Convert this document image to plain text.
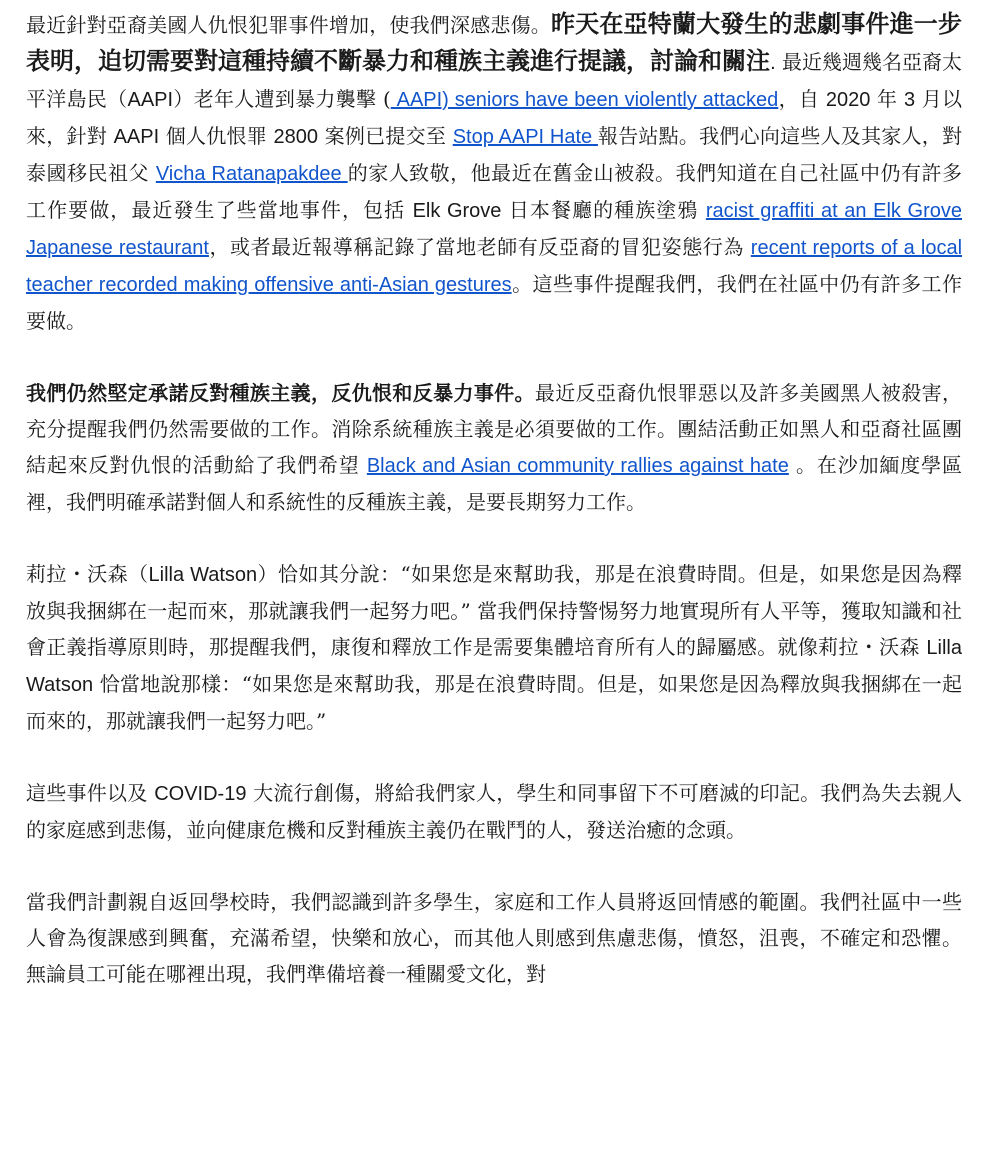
最近針對亞裔美國人仇恨犯罪事件增加，使我們深感悲傷。昨天在亞特蘭大發生的悲劇事件進一步表明，迫切需要對這種持續不斷暴力和種族主義進行提議，討論和關注. 最近幾週幾名亞裔太平洋島民（AAPI）老年人遭到暴力襲擊 ( AAPI) seniors have been violently attacked，自 2020 年 3 月以來，針對 AAPI 個人仇恨罪 2800 案例已提交至 Stop AAPI Hate 報告站點。我們心向這些人及其家人，對泰國移民祖父 Vicha Ratanapakdee 的家人致敬，他最近在舊金山被殺。我們知道在自己社區中仍有許多工作要做，最近發生了些當地事件，包括 Elk Grove 日本餐廳的種族塗鴉 racist graffiti at an Elk Grove Japanese restaurant，或者最近報導稱記錄了當地老師有反亞裔的冒犯姿態行為 recent reports of a local teacher recorded making offensive anti-Asian gestures。這些事件提醒我們，我們在社區中仍有許多工作要做。

我們仍然堅定承諾反對種族主義，反仇恨和反暴力事件。最近反亞裔仇恨罪惡以及許多美國黑人被殺害，充分提醒我們仍然需要做的工作。消除系統種族主義是必須要做的工作。團結活動正如黑人和亞裔社區團結起來反對仇恨的活動給了我們希望 Black and Asian community rallies against hate 。在沙加緬度學區裡，我們明確承諾對個人和系統性的反種族主義，是要長期努力工作。

莉拉・沃森（Lilla Watson）恰如其分說：“如果您是來幫助我，那是在浪費時間。但是，如果您是因為釋放與我捆綁在一起而來，那就讓我們一起努力吧。” 當我們保持警惕努力地實現所有人平等，獲取知識和社會正義指導原則時，那提醒我們，康復和釋放工作是需要集體培育所有人的歸屬感。就像莉拉・沃森 Lilla Watson 恰當地說那樣：“如果您是來幫助我，那是在浪費時間。但是，如果您是因為釋放與我捆綁在一起而來的，那就讓我們一起努力吧。”

這些事件以及 COVID-19 大流行創傷，將給我們家人，學生和同事留下不可磨滅的印記。我們為失去親人的家庭感到悲傷，並向健康危機和反對種族主義仍在戰鬥的人，發送治癒的念頭。

當我們計劃親自返回學校時，我們認識到許多學生，家庭和工作人員將返回情感的範圍。我們社區中一些人會為復課感到興奮，充滿希望，快樂和放心，而其他人則感到焦慮悲傷，憤怒，沮喪，不確定和恐懼。無論員工可能在哪裡出現，我們準備培養一種關愛文化，對
